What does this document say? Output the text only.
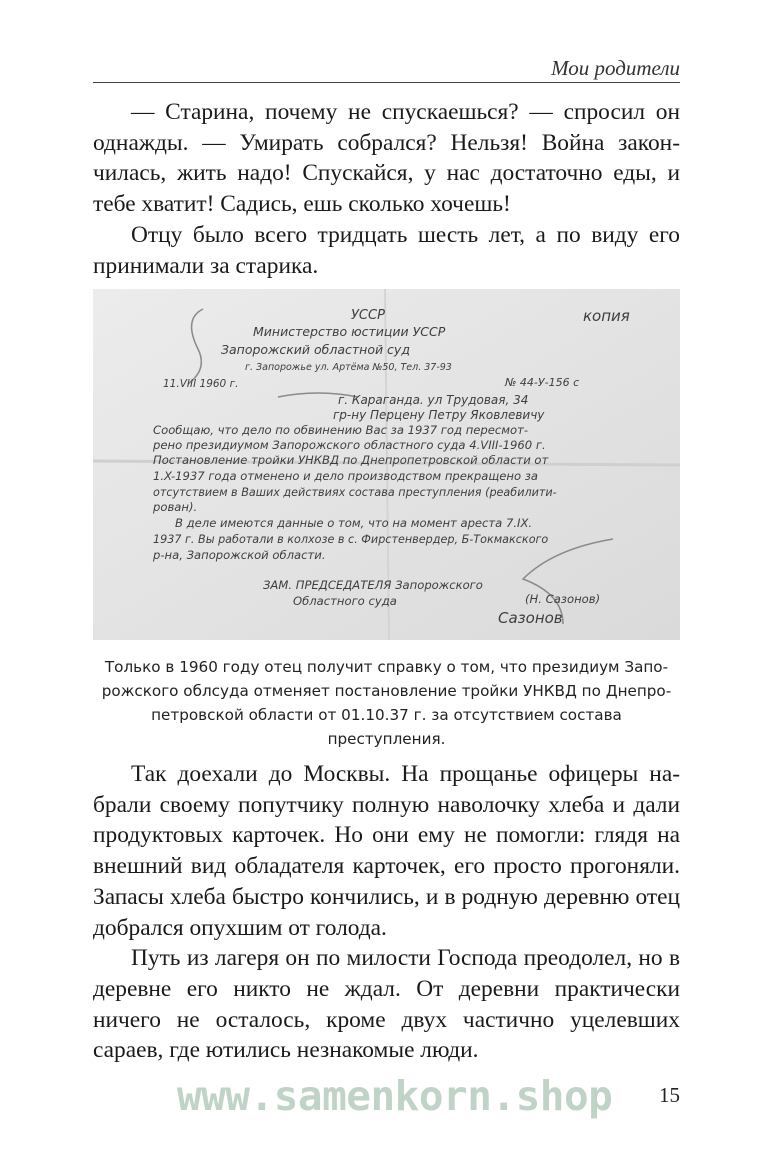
Мои родители

— Старина, почему не спускаешься? — спросил он однажды. — Умирать собрался? Нельзя! Война закончилась, жить надо! Спускайся, у нас достаточно еды, и тебе хватит! Садись, ешь сколько хочешь!

Отцу было всего тридцать шесть лет, а по виду его принимали за старика.

копия
УССР
Министерство юстиции УССР
Запорожский областной суд
г. Запорожье ул. Артёма №50, Тел. 37-93
11.VIII 1960 г.	№ 44-У-156 с
г. Караганда. ул Трудовая, 34
гр-ну Перцену Петру Яковлевичу
Сообщаю, что дело по обвинению Вас за 1937 год пересмот-
рено президиумом Запорожского областного суда 4.VIII-1960 г.
Постановление тройки УНКВД по Днепропетровской области от
1.X-1937 года отменено и дело производством прекращено за
отсутствием в Ваших действиях состава преступления (реабилити-
рован).
В деле имеются данные о том, что на момент ареста 7.IX.
1937 г. Вы работали в колхозе в с. Фирстенвердер, Б-Токмакского
р-на, Запорожской области.
ЗАМ. ПРЕДСЕДАТЕЛЯ Запорожского
Областного суда	(Н. Сазонов)
Сазонов
Только в 1960 году отец получит справку о том, что президиум Запорожского облсуда отменяет постановление тройки УНКВД по Днепропетровской области от 01.10.37 г. за отсутствием состава преступления.

Так доехали до Москвы. На прощанье офицеры набрали своему попутчику полную наволочку хлеба и дали продуктовых карточек. Но они ему не помогли: глядя на внешний вид обладателя карточек, его просто прогоняли. Запасы хлеба быстро кончились, и в родную деревню отец добрался опухшим от голода.

Путь из лагеря он по милости Господа преодолел, но в деревне его никто не ждал. От деревни практически ничего не осталось, кроме двух частично уцелевших сараев, где ютились незнакомые люди.

www.samenkorn.shop 15
